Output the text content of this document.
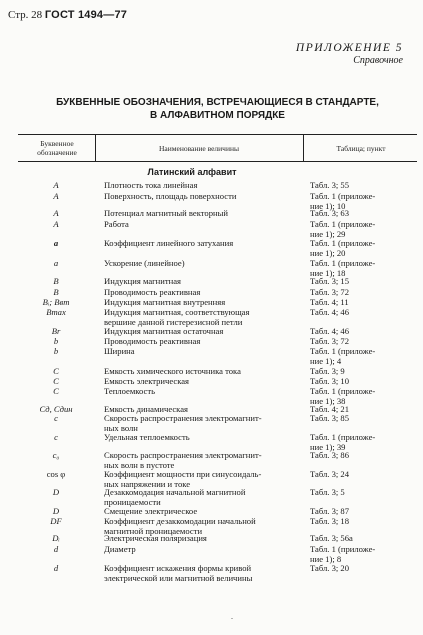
Стр. 28 ГОСТ 1494—77
ПРИЛОЖЕНИЕ 5
Справочное
БУКВЕННЫЕ ОБОЗНАЧЕНИЯ, ВСТРЕЧАЮЩИЕСЯ В СТАНДАРТЕ,
В АЛФАВИТНОМ ПОРЯДКЕ
Буквенное
обозначение	Наименование величины	Таблица; пункт
Латинский алфавит
A	Плотность тока линейная	Табл. 3; 55
A	Поверхность, площадь поверхности	Табл. 1 (приложе-
ние 1); 10
A	Потенциал магнитный векторный	Табл. 3; 63
A	Работа	Табл. 1 (приложе-
ние 1); 29
a	Коэффициент линейного затухания	Табл. 1 (приложе-
ние 1); 20
a	Ускорение (линейное)	Табл. 1 (приложе-
ние 1); 18
B	Индукция магнитная	Табл. 3; 15
B	Проводимость реактивная	Табл. 3; 72
Bᵢ; Bвт	Индукция магнитная внутренняя	Табл. 4; 11
Bmax	Индукция магнитная, соответствующая
вершине данной гистерезисной петли
Табл. 4; 46
Br	Индукция магнитная остаточная	Табл. 4; 46
b	Проводимость реактивная	Табл. 3; 72
b	Ширина	Табл. 1 (приложе-
ние 1); 4
C	Емкость химического источника тока	Табл. 3; 9
C	Емкость электрическая	Табл. 3; 10
C	Теплоемкость	Табл. 1 (приложе-
ние 1); 38
Cд, Cдин	Емкость динамическая	Табл. 4; 21
c	Скорость распространения электромагнит-
ных волн
Табл. 3; 85
c	Удельная теплоемкость	Табл. 1 (приложе-
ние 1); 39
c₀	Скорость распространения электромагнит-
ных волн в пустоте
Табл. 3; 86
cos φ	Коэффициент мощности при синусоидаль-
ных напряжении и токе
Табл. 3; 24
D	Дезаккомодация начальной магнитной
проницаемости
Табл. 3; 5
D	Смещение электрическое	Табл. 3; 87
DF	Коэффициент дезаккомодации начальной
магнитной проницаемости
Табл. 3; 18
Dᵢ	Электрическая поляризация	Табл. 3; 56а
d	Диаметр	Табл. 1 (приложе-
ние 1); 8
d	Коэффициент искажения формы кривой
электрической или магнитной величины
Табл. 3; 20
.
